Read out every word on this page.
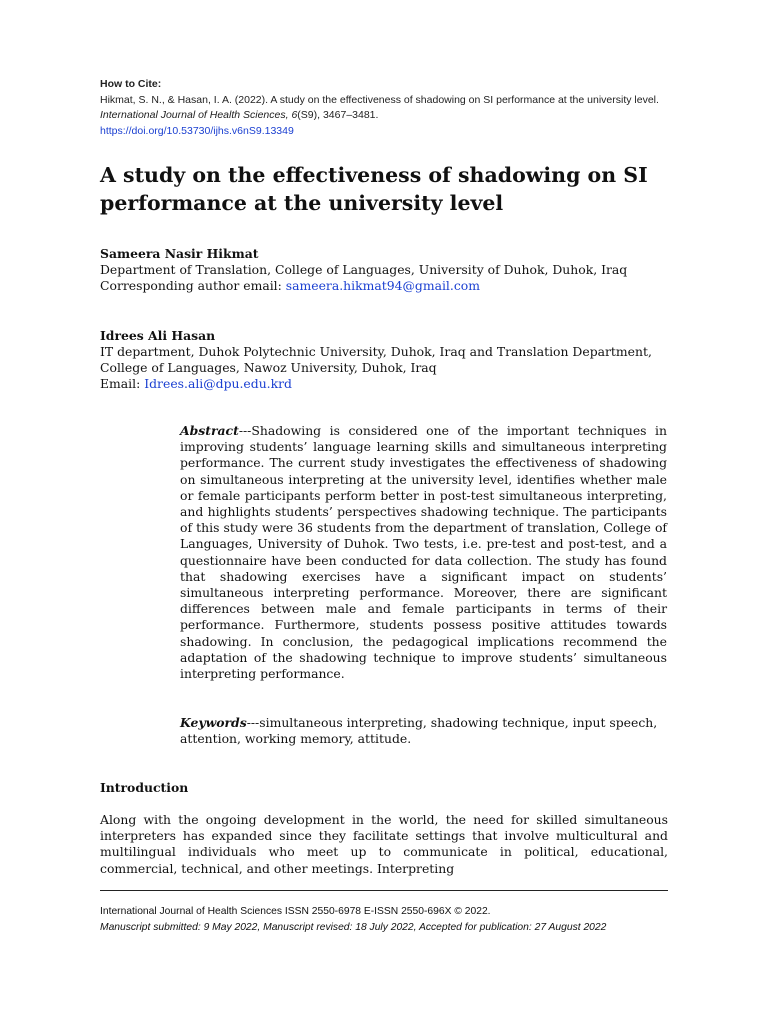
How to Cite:
Hikmat, S. N., & Hasan, I. A. (2022). A study on the effectiveness of shadowing on SI performance at the university level. International Journal of Health Sciences, 6(S9), 3467–3481.
https://doi.org/10.53730/ijhs.v6nS9.13349
A study on the effectiveness of shadowing on SI performance at the university level
Sameera Nasir Hikmat
Department of Translation, College of Languages, University of Duhok, Duhok, Iraq
Corresponding author email: sameera.hikmat94@gmail.com
Idrees Ali Hasan
IT department, Duhok Polytechnic University, Duhok, Iraq and Translation Department, College of Languages, Nawoz University, Duhok, Iraq
Email: Idrees.ali@dpu.edu.krd

Abstract---Shadowing is considered one of the important techniques in improving students’ language learning skills and simultaneous interpreting performance. The current study investigates the effectiveness of shadowing on simultaneous interpreting at the university level, identifies whether male or female participants perform better in post-test simultaneous interpreting, and highlights students’ perspectives shadowing technique. The participants of this study were 36 students from the department of translation, College of Languages, University of Duhok. Two tests, i.e. pre-test and post-test, and a questionnaire have been conducted for data collection. The study has found that shadowing exercises have a significant impact on students’ simultaneous interpreting performance. Moreover, there are significant differences between male and female participants in terms of their performance. Furthermore, students possess positive attitudes towards shadowing. In conclusion, the pedagogical implications recommend the adaptation of the shadowing technique to improve students’ simultaneous interpreting performance.

Keywords---simultaneous interpreting, shadowing technique, input speech, attention, working memory, attitude.

Introduction

Along with the ongoing development in the world, the need for skilled simultaneous interpreters has expanded since they facilitate settings that involve multicultural and multilingual individuals who meet up to communicate in political, educational, commercial, technical, and other meetings. Interpreting

International Journal of Health Sciences ISSN 2550-6978 E-ISSN 2550-696X © 2022.
Manuscript submitted: 9 May 2022, Manuscript revised: 18 July 2022, Accepted for publication: 27 August 2022
